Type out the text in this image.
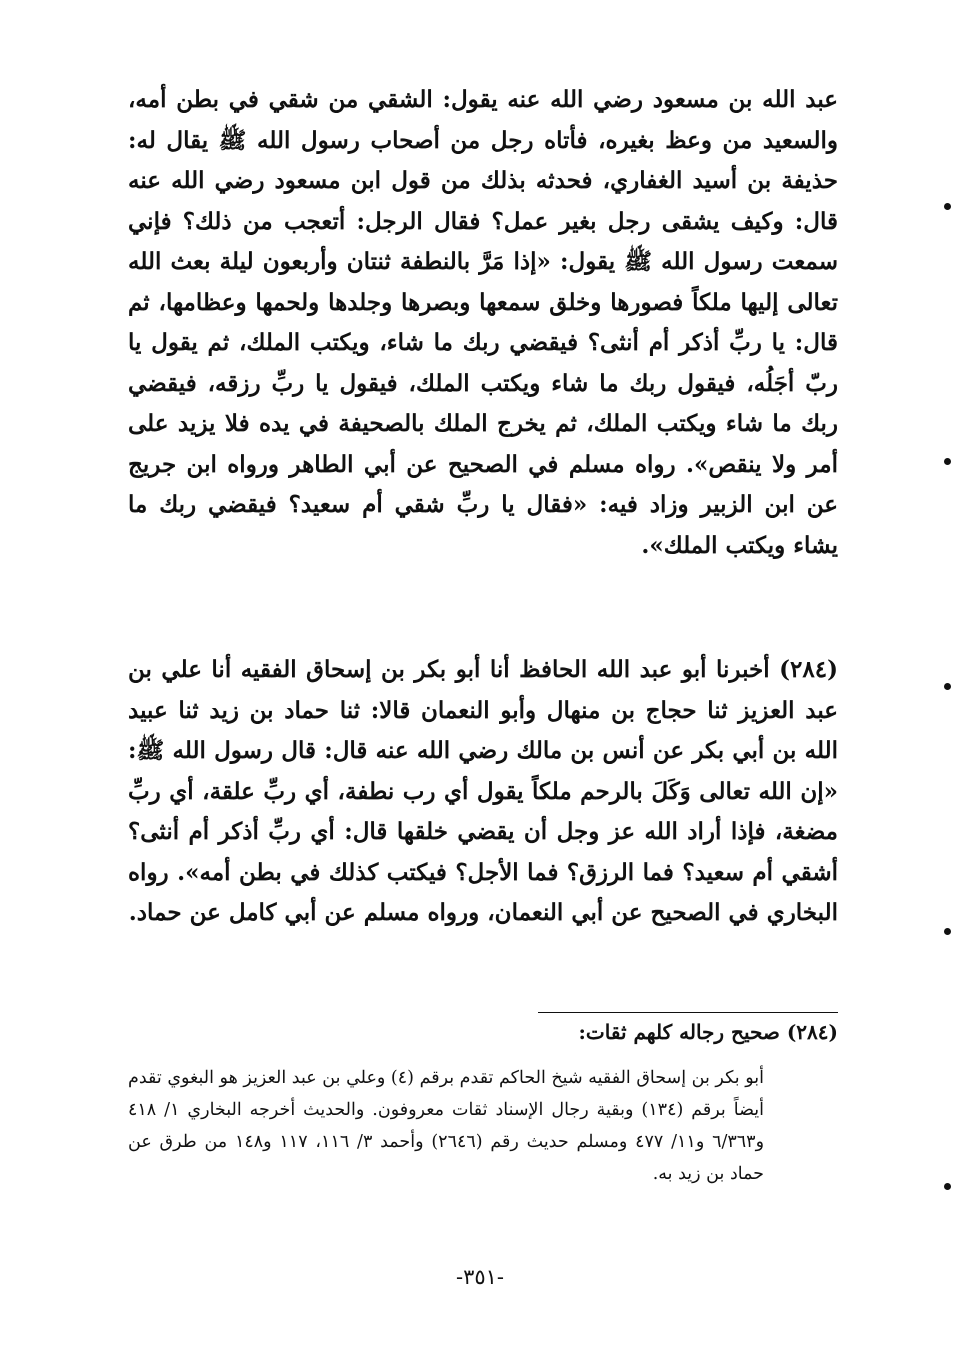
عبد الله بن مسعود رضي الله عنه يقول: الشقي من شقي في بطن أمه، والسعيد من وعظ بغيره، فأتاه رجل من أصحاب رسول الله ﷺ يقال له: حذيفة بن أسيد الغفاري، فحدثه بذلك من قول ابن مسعود رضي الله عنه قال: وكيف يشقى رجل بغير عمل؟ فقال الرجل: أتعجب من ذلك؟ فإني سمعت رسول الله ﷺ يقول: «إذا مَرَّ بالنطفة ثنتان وأربعون ليلة بعث الله تعالى إليها ملكاً فصورها وخلق سمعها وبصرها وجلدها ولحمها وعظامها، ثم قال: يا ربِّ أذكر أم أنثى؟ فيقضي ربك ما شاء، ويكتب الملك، ثم يقول يا ربّ أجَلُه، فيقول ربك ما شاء ويكتب الملك، فيقول يا ربِّ رزقه، فيقضي ربك ما شاء ويكتب الملك، ثم يخرج الملك بالصحيفة في يده فلا يزيد على أمر ولا ينقص». رواه مسلم في الصحيح عن أبي الطاهر ورواه ابن جريج عن ابن الزبير وزاد فيه: «فقال يا ربِّ شقي أم سعيد؟ فيقضي ربك ما يشاء ويكتب الملك».

(٢٨٤) أخبرنا أبو عبد الله الحافظ أنا أبو بكر بن إسحاق الفقيه أنا علي بن عبد العزيز ثنا حجاج بن منهال وأبو النعمان قالا: ثنا حماد بن زيد ثنا عبيد الله بن أبي بكر عن أنس بن مالك رضي الله عنه قال: قال رسول الله ﷺ: «إن الله تعالى وَكَلَ بالرحم ملكاً يقول أي رب نطفة، أي ربِّ علقة، أي ربِّ مضغة، فإذا أراد الله عز وجل أن يقضي خلقها قال: أي ربِّ أذكر أم أنثى؟ أشقي أم سعيد؟ فما الرزق؟ فما الأجل؟ فيكتب كذلك في بطن أمه». رواه البخاري في الصحيح عن أبي النعمان، ورواه مسلم عن أبي كامل عن حماد.

(٢٨٤) صحيح رجاله كلهم ثقات:

أبو بكر بن إسحاق الفقيه شيخ الحاكم تقدم برقم (٤) وعلي بن عبد العزيز هو البغوي تقدم أيضاً برقم (١٣٤) وبقية رجال الإسناد ثقات معروفون. والحديث أخرجه البخاري ١/ ٤١٨ و٦/٣٦٣ و١١/ ٤٧٧ ومسلم حديث رقم (٢٦٤٦) وأحمد ٣/ ١١٦، ١١٧ و١٤٨ من طرق عن حماد بن زيد به.

-٣٥١-
